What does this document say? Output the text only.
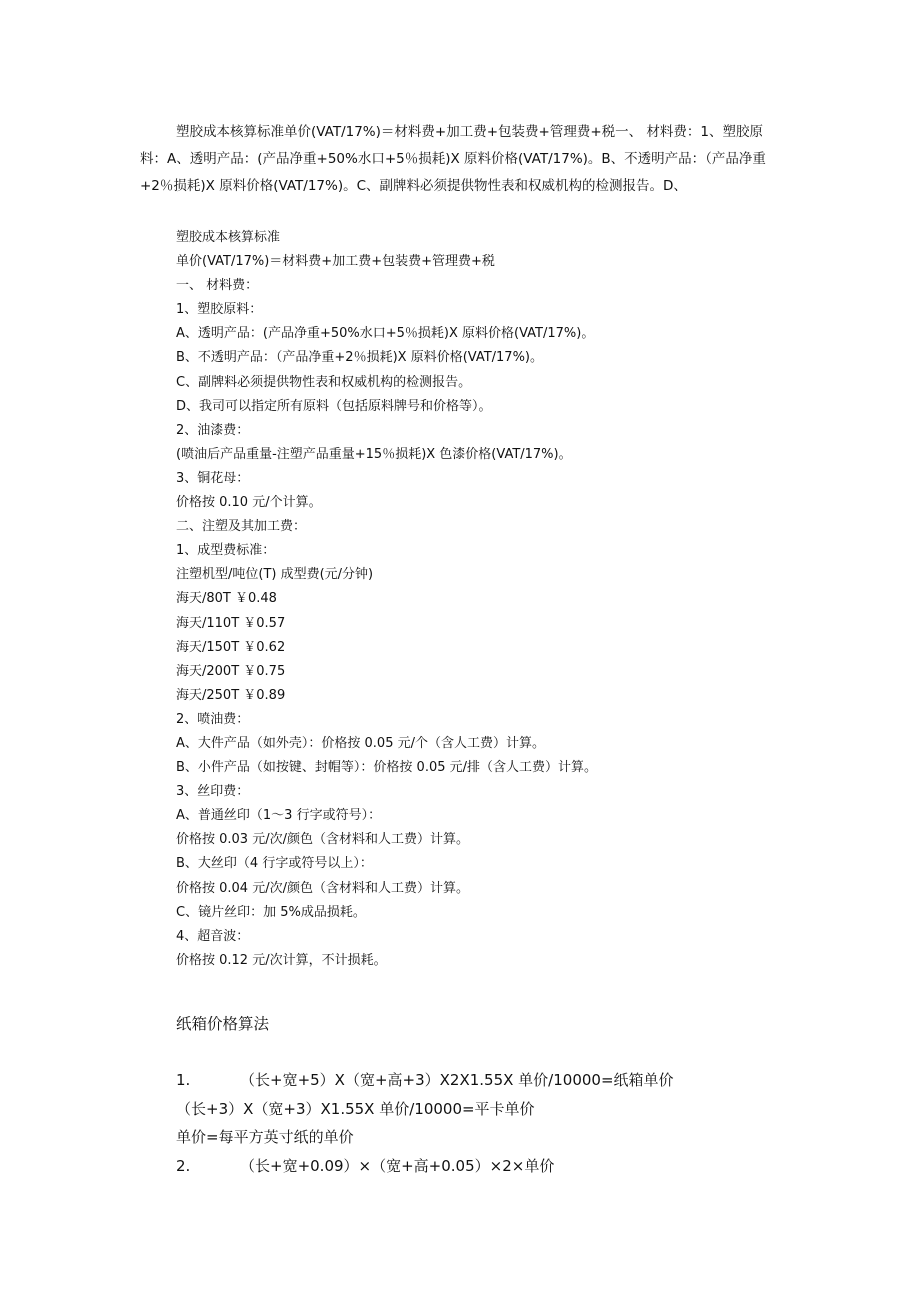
塑胶成本核算标准单价(VAT/17%)＝材料费+加工费+包装费+管理费+税一、 材料费：1、塑胶原料：A、透明产品：(产品净重+50%水口+5％损耗)X 原料价格(VAT/17%)。B、不透明产品：（产品净重+2％损耗)X 原料价格(VAT/17%)。C、副牌料必须提供物性表和权威机构的检测报告。D、
塑胶成本核算标准
单价(VAT/17%)＝材料费+加工费+包装费+管理费+税
一、 材料费：
1、塑胶原料：
A、透明产品：(产品净重+50%水口+5％损耗)X 原料价格(VAT/17%)。
B、不透明产品：（产品净重+2％损耗)X 原料价格(VAT/17%)。
C、副牌料必须提供物性表和权威机构的检测报告。
D、我司可以指定所有原料（包括原料牌号和价格等）。
2、油漆费：
(喷油后产品重量-注塑产品重量+15％损耗)X 色漆价格(VAT/17%)。
3、铜花母：
价格按 0.10 元/个计算。
二、注塑及其加工费：
1、成型费标准：
注塑机型/吨位(T) 成型费(元/分钟)
海天/80T ￥0.48
海天/110T ￥0.57
海天/150T ￥0.62
海天/200T ￥0.75
海天/250T ￥0.89
2、喷油费：
A、大件产品（如外壳）：价格按 0.05 元/个（含人工费）计算。
B、小件产品（如按键、封帽等）：价格按 0.05 元/排（含人工费）计算。
3、丝印费：
A、普通丝印（1～3 行字或符号）：
价格按 0.03 元/次/颜色（含材料和人工费）计算。
B、大丝印（4 行字或符号以上）：
价格按 0.04 元/次/颜色（含材料和人工费）计算。
C、镜片丝印：加 5%成品损耗。
4、超音波：
价格按 0.12 元/次计算，不计损耗。
纸箱价格算法
1.	（长+宽+5）X（宽+高+3）X2X1.55X 单价/10000=纸箱单价
（长+3）X（宽+3）X1.55X 单价/10000=平卡单价
单价=每平方英寸纸的单价
2.	（长+宽+0.09）×（宽+高+0.05）×2×单价
